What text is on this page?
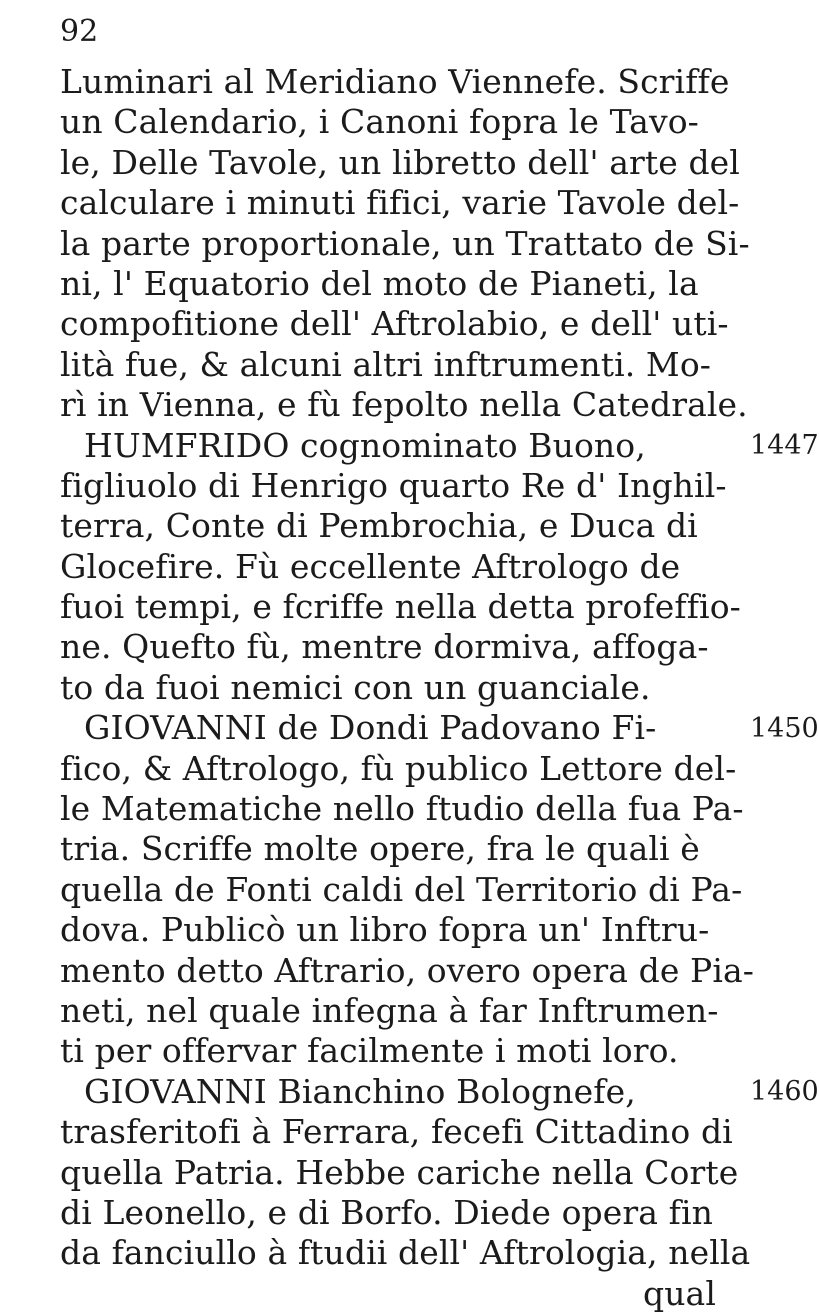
92
Luminari al Meridiano Viennefe. Scriffe
un Calendario, i Canoni fopra le Tavo-
le, Delle Tavole, un libretto dell' arte del
calculare i minuti fifici, varie Tavole del-
la parte proportionale, un Trattato de Si-
ni, l' Equatorio del moto de Pianeti, la
compofitione dell' Aftrolabio, e dell' uti-
lità fue, & alcuni altri inftrumenti. Mo-
rì in Vienna, e fù fepolto nella Catedrale.
HUMFRIDO cognominato Buono,
figliuolo di Henrigo quarto Re d' Inghil-
terra, Conte di Pembrochia, e Duca di
Glocefire. Fù eccellente Aftrologo de
fuoi tempi, e fcriffe nella detta profeffio-
ne. Quefto fù, mentre dormiva, affoga-
to da fuoi nemici con un guanciale.
GIOVANNI de Dondi Padovano Fi-
fico, & Aftrologo, fù publico Lettore del-
le Matematiche nello ftudio della fua Pa-
tria. Scriffe molte opere, fra le quali è
quella de Fonti caldi del Territorio di Pa-
dova. Publicò un libro fopra un' Inftru-
mento detto Aftrario, overo opera de Pia-
neti, nel quale infegna à far Inftrumen-
ti per offervar facilmente i moti loro.
GIOVANNI Bianchino Bolognefe,
trasferitofi à Ferrara, fecefi Cittadino di
quella Patria. Hebbe cariche nella Corte
di Leonello, e di Borfo. Diede opera fin
da fanciullo à ftudii dell' Aftrologia, nella
qual
1447
1450
1460
